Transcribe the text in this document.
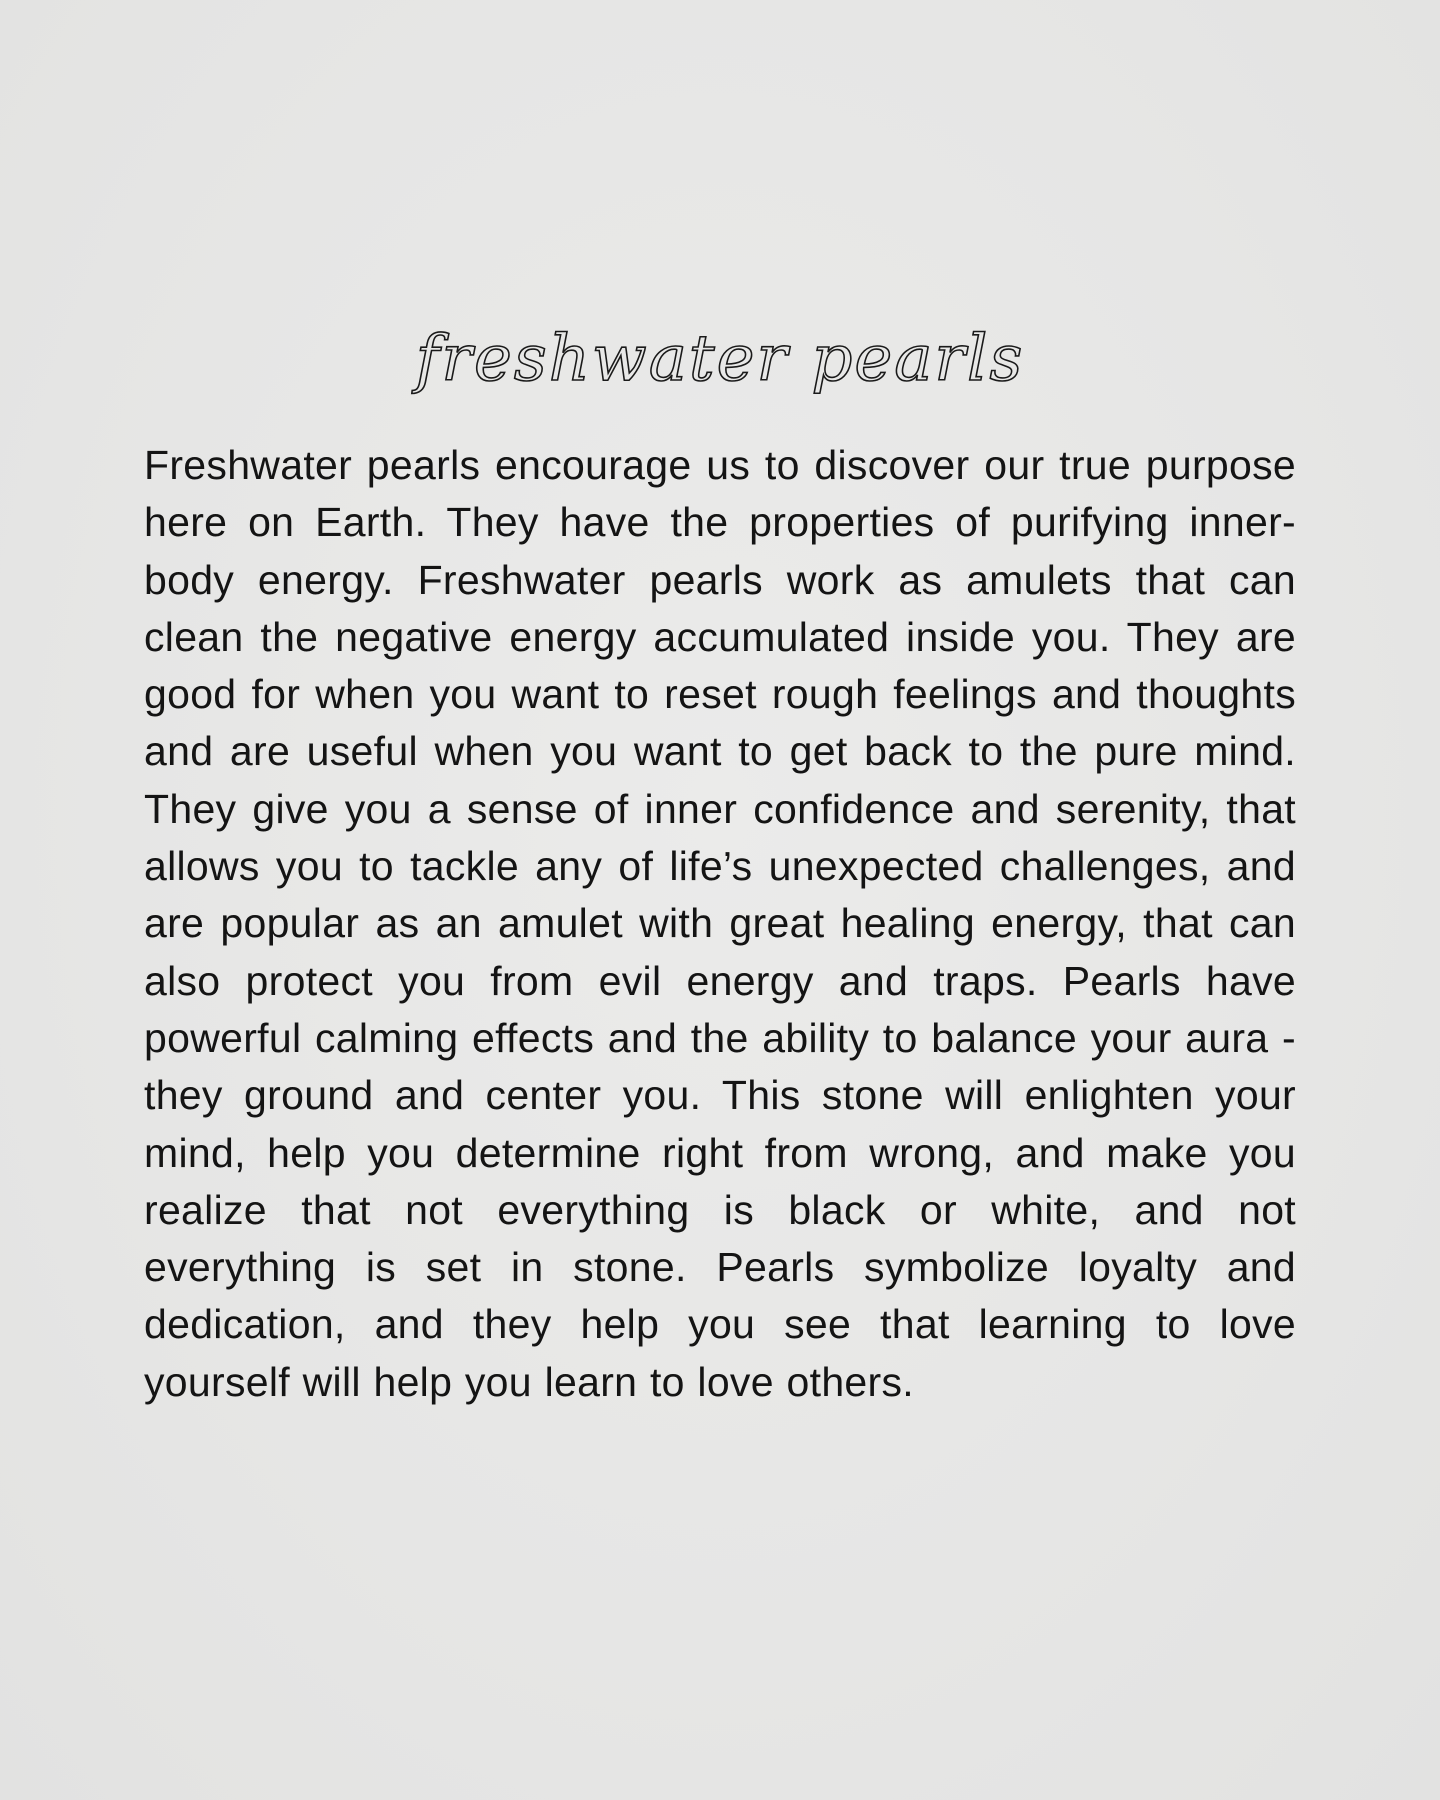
freshwater pearls

Freshwater pearls encourage us to discover our true purpose here on Earth. They have the properties of purifying inner-body energy. Freshwater pearls work as amulets that can clean the negative energy accumulated inside you. They are good for when you want to reset rough feelings and thoughts and are useful when you want to get back to the pure mind. They give you a sense of inner confidence and serenity, that allows you to tackle any of life’s unexpected challenges, and are popular as an amulet with great healing energy, that can also protect you from evil energy and traps. Pearls have powerful calming effects and the ability to balance your aura - they ground and center you. This stone will enlighten your mind, help you determine right from wrong, and make you realize that not everything is black or white, and not everything is set in stone. Pearls symbolize loyalty and dedication, and they help you see that learning to love yourself will help you learn to love others.
